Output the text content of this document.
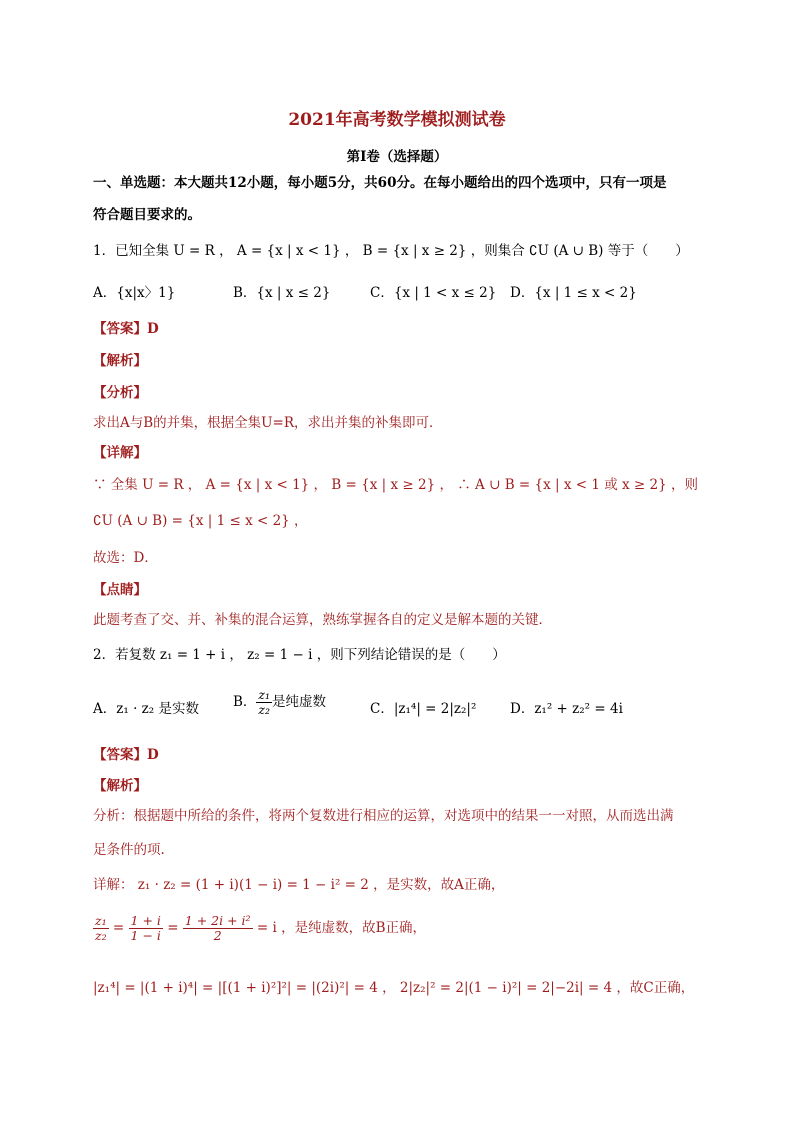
2021年高考数学模拟测试卷
第Ⅰ卷（选择题）
一、单选题：本大题共12小题，每小题5分，共60分。在每小题给出的四个选项中，只有一项是
符合题目要求的。
1．已知全集 U = R ， A = {x | x < 1} ， B = {x | x ≥ 2} ，则集合 ∁U (A ∪ B) 等于（　　）
A．{x|x〉1}	B．{x | x ≤ 2}	C．{x | 1 < x ≤ 2} D．{x | 1 ≤ x < 2}
【答案】D
【解析】
【分析】
求出A与B的并集，根据全集U=R，求出并集的补集即可．
【详解】
∵ 全集 U = R ， A = {x | x < 1} ， B = {x | x ≥ 2} ， ∴ A ∪ B = {x | x < 1 或 x ≥ 2} ，则
∁U (A ∪ B) = {x | 1 ≤ x < 2} ，
故选：D．
【点睛】
此题考查了交、并、补集的混合运算，熟练掌握各自的定义是解本题的关键．
2．若复数 z₁ = 1 + i ， z₂ = 1 − i ，则下列结论错误的是（　　）
A．z₁ · z₂ 是实数	B． $\frac{\text{z₁}}{\text{z₂}}$ 是纯虚数	C．|z₁⁴| = 2|z₂|² D．z₁² + z₂² = 4i
【答案】D
【解析】
分析：根据题中所给的条件，将两个复数进行相应的运算，对选项中的结果一一对照，从而选出满
足条件的项.
详解： z₁ · z₂ = (1 + i)(1 − i) = 1 − i² = 2 ，是实数，故A正确，
$\frac{\text{z₁}}{\text{z₂}} = \frac{1 + i}{1 - i} = \frac{\text{1 + 2i + i²}}{2} = i$ ，是纯虚数，故B正确，
|z₁⁴| = |(1 + i)⁴| = |[(1 + i)²]²| = |(2i)²| = 4 ， 2|z₂|² = 2|(1 − i)²| = 2|−2i| = 4 ，故C正确，
